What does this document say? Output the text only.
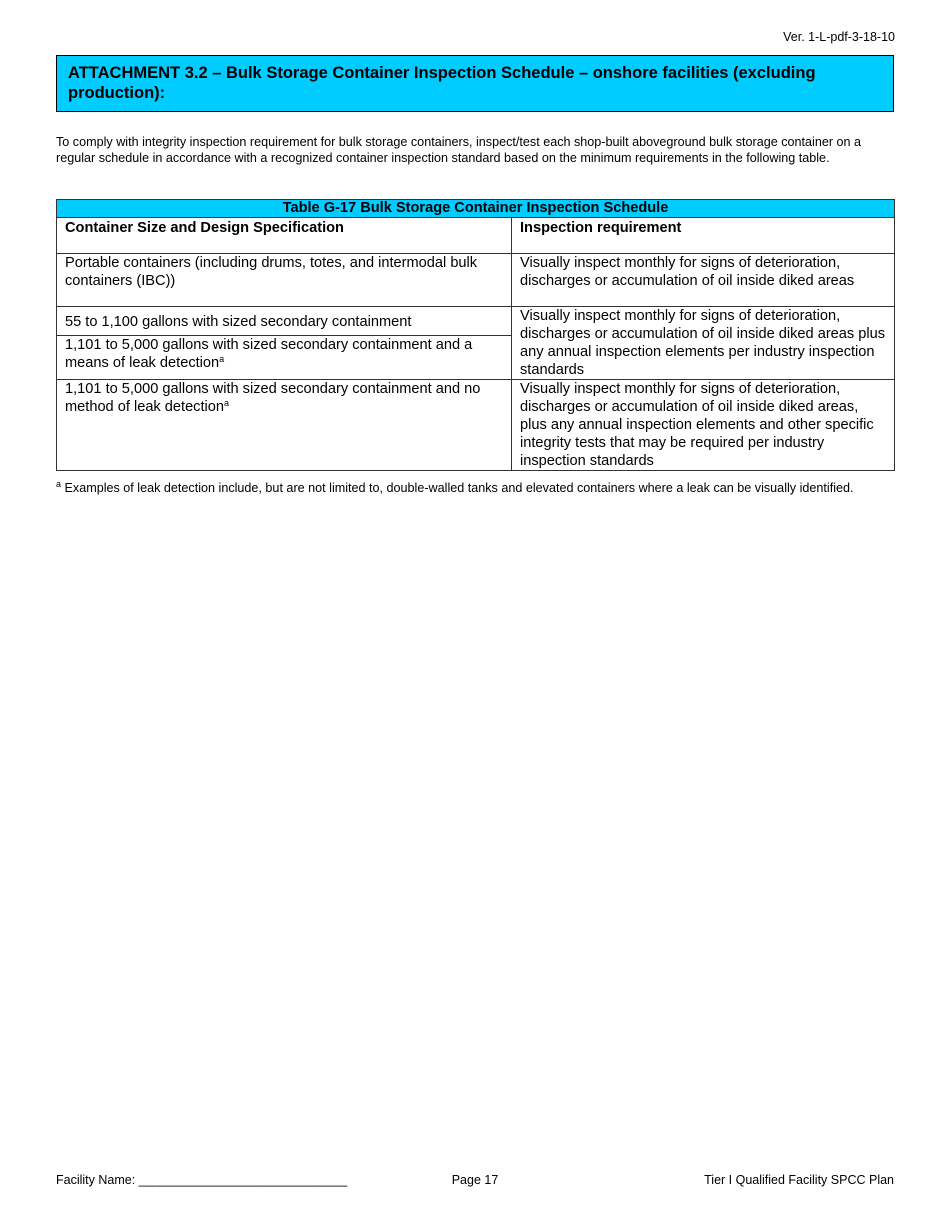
Ver. 1-L-pdf-3-18-10
ATTACHMENT 3.2 – Bulk Storage Container Inspection Schedule – onshore facilities (excluding production):
To comply with integrity inspection requirement for bulk storage containers, inspect/test each shop-built aboveground bulk storage container on a regular schedule in accordance with a recognized container inspection standard based on the minimum requirements in the following table.
Table G-17 Bulk Storage Container Inspection Schedule	
Container Size and Design Specification	Inspection requirement
Portable containers (including drums, totes, and intermodal bulk containers (IBC))	Visually inspect monthly for signs of deterioration, discharges or accumulation of oil inside diked areas
55 to 1,100 gallons with sized secondary containment	Visually inspect monthly for signs of deterioration, discharges or accumulation of oil inside diked areas plus any annual inspection elements per industry inspection standards
1,101 to 5,000 gallons with sized secondary containment and a means of leak detection$^a$
1,101 to 5,000 gallons with sized secondary containment and no method of leak detection$^a$	Visually inspect monthly for signs of deterioration, discharges or accumulation of oil inside diked areas, plus any annual inspection elements and other specific integrity tests that may be required per industry inspection standards
$^a$ Examples of leak detection include, but are not limited to, double-walled tanks and elevated containers where a leak can be visually identified.
Facility Name: ______________________________	Page 17	Tier I Qualified Facility SPCC Plan
